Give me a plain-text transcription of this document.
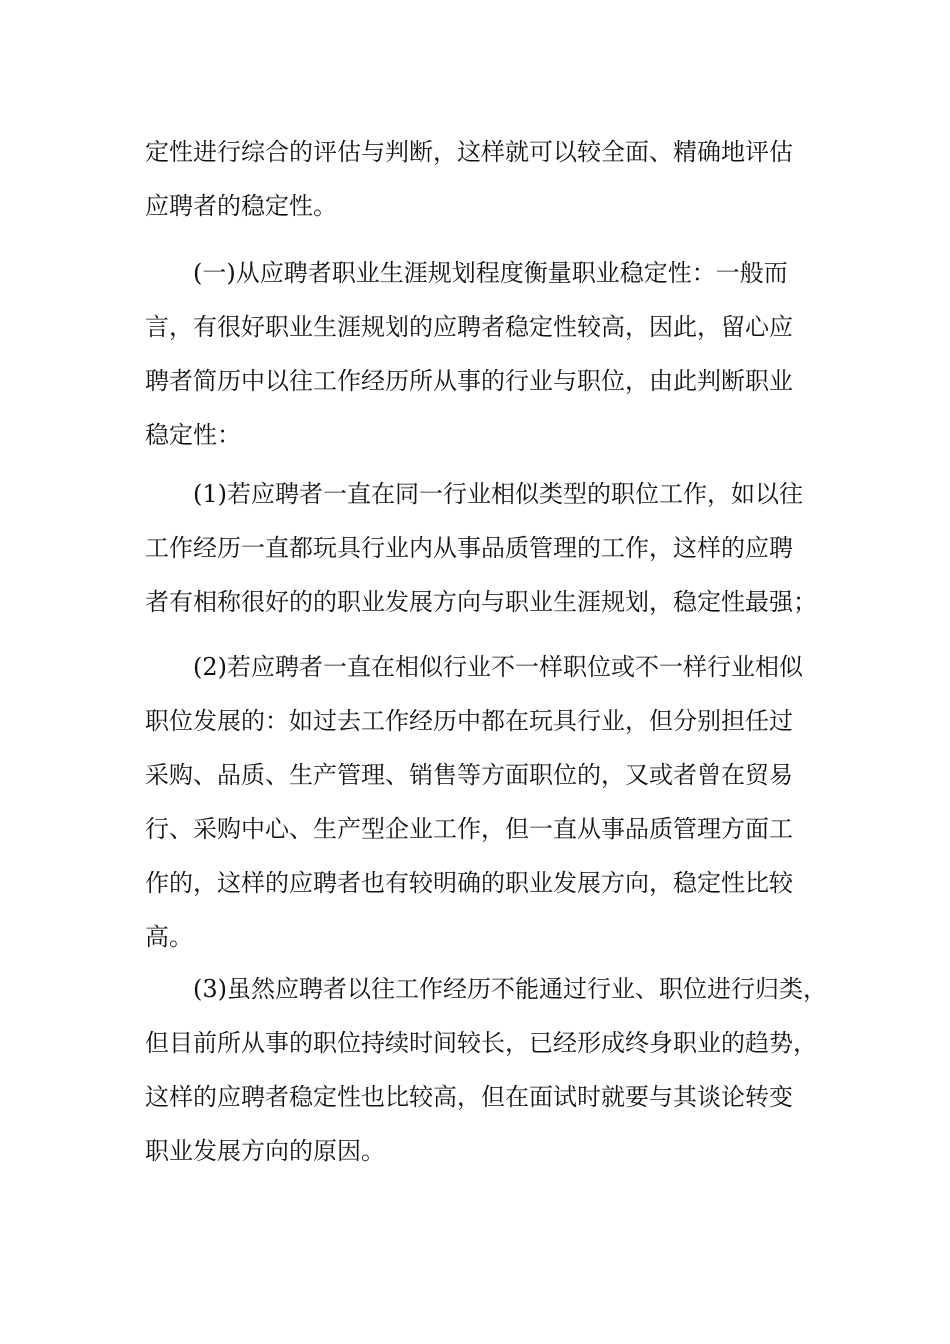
定性进行综合的评估与判断，这样就可以较全面、精确地评估
应聘者的稳定性。
(一)从应聘者职业生涯规划程度衡量职业稳定性：一般而
言，有很好职业生涯规划的应聘者稳定性较高，因此，留心应
聘者简历中以往工作经历所从事的行业与职位，由此判断职业
稳定性：
(1)若应聘者一直在同一行业相似类型的职位工作，如以往
工作经历一直都玩具行业内从事品质管理的工作，这样的应聘
者有相称很好的的职业发展方向与职业生涯规划，稳定性最强；
(2)若应聘者一直在相似行业不一样职位或不一样行业相似
职位发展的：如过去工作经历中都在玩具行业，但分别担任过
采购、品质、生产管理、销售等方面职位的，又或者曾在贸易
行、采购中心、生产型企业工作，但一直从事品质管理方面工
作的，这样的应聘者也有较明确的职业发展方向，稳定性比较
高。
(3)虽然应聘者以往工作经历不能通过行业、职位进行归类，
但目前所从事的职位持续时间较长，已经形成终身职业的趋势，
这样的应聘者稳定性也比较高，但在面试时就要与其谈论转变
职业发展方向的原因。
